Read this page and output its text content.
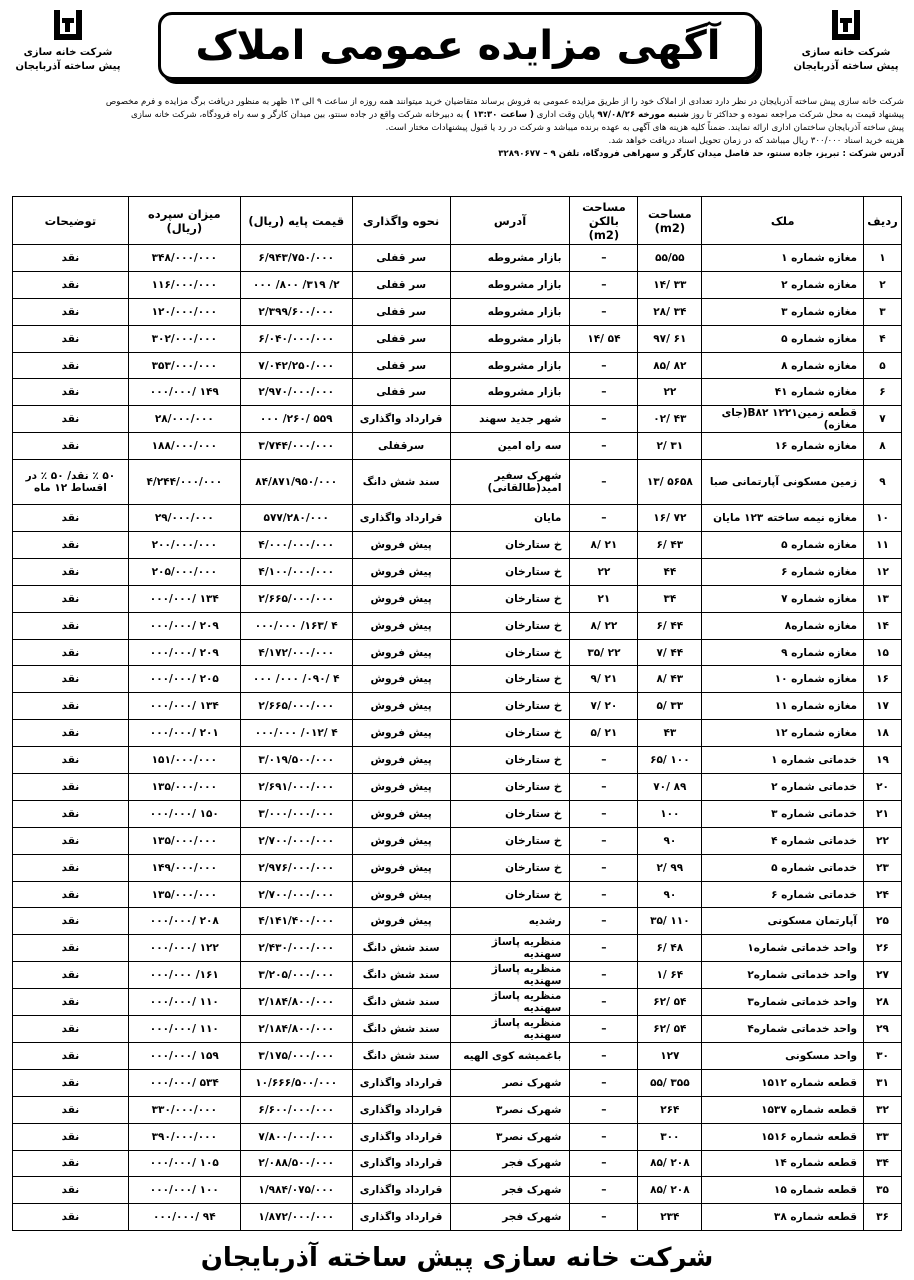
شرکت خانه سازی
پیش ساخته آذربایجان
آگهی مزایده عمومی املاک
شرکت خانه سازی
پیش ساخته آذربایجان

شرکت خانه سازی پیش ساخته آذربایجان در نظر دارد تعدادی از املاک خود را از طریق مزایده عمومی به فروش برساند متقاضیان خرید میتوانند همه روزه از ساعت ۹ الی ۱۳ ظهر به منظور دریافت برگ مزایده و فرم مخصوص

پیشنهاد قیمت به محل شرکت مراجعه نموده و حداکثر تا روز شنبه مورخه ۹۷/۰۸/۲۶ پایان وقت اداری ( ساعت ۱۳:۳۰ ) به دبیرخانه شرکت واقع در جاده سنتو، بین میدان کارگر و سه راه فرودگاه، شرکت خانه سازی

پیش ساخته آذربایجان ساختمان اداری ارائه نمایند. ضمناً کلیه هزینه های آگهی به عهده برنده میباشد و شرکت در رد یا قبول پیشنهادات مختار است.

هزینه خرید اسناد ۳۰۰/۰۰۰ ریال میباشد که در زمان تحویل اسناد دریافت خواهد شد.

آدرس شرکت : تبریز، جاده سنتو، حد فاصل میدان کارگر و سهراهی فرودگاه، تلفن ۹ – ۳۲۸۹۰۶۷۷

ردیف	ملک	مساحت (m2)	مساحت بالکن (m2)	آدرس	نحوه واگذاری	قیمت پایه (ریال)	میزان سپرده (ریال)	توضیحات
۱	مغازه شماره ۱	۵۵/۵۵	–	بازار مشروطه	سر قفلی	۶/۹۴۳/۷۵۰/۰۰۰	۳۴۸/۰۰۰/۰۰۰	نقد
۲	مغازه شماره ۲	۳۳ /۱۴	–	بازار مشروطه	سر قفلی	۲/ ۳۱۹/ ۸۰۰/ ۰۰۰	۱۱۶/۰۰۰/۰۰۰	نقد
۳	مغازه شماره ۳	۳۴ /۲۸	–	بازار مشروطه	سر قفلی	۲/۳۹۹/۶۰۰/۰۰۰	۱۲۰/۰۰۰/۰۰۰	نقد
۴	مغازه شماره ۵	۶۱ /۹۷	۵۴ /۱۴	بازار مشروطه	سر قفلی	۶/۰۴۰/۰۰۰/۰۰۰	۳۰۲/۰۰۰/۰۰۰	نقد
۵	مغازه شماره ۸	۸۲ /۸۵	–	بازار مشروطه	سر قفلی	۷/۰۴۲/۲۵۰/۰۰۰	۳۵۳/۰۰۰/۰۰۰	نقد
۶	مغازه شماره ۴۱	۲۲	–	بازار مشروطه	سر قفلی	۲/۹۷۰/۰۰۰/۰۰۰	۱۴۹ /۰۰۰/۰۰۰	نقد
۷	قطعه زمین۱۲۲۱ B۸۲(جای مغازه)	۴۳ /۰۲	–	شهر جدید سهند	قرارداد واگذاری	۵۵۹ /۲۶۰/ ۰۰۰	۲۸/۰۰۰/۰۰۰	نقد
۸	مغازه شماره ۱۶	۳۱ /۲	–	سه راه امین	سرقفلی	۳/۷۴۴/۰۰۰/۰۰۰	۱۸۸/۰۰۰/۰۰۰	نقد
۹	زمین مسکونی آپارتمانی صبا	۵۶۵۸ /۱۳	–	شهرک سفیر امید(طالقانی)	سند شش دانگ	۸۴/۸۷۱/۹۵۰/۰۰۰	۴/۲۴۴/۰۰۰/۰۰۰	۵۰ ٪ نقد/ ۵۰ ٪ در اقساط ۱۲ ماه
۱۰	مغازه نیمه ساخته ۱۲۳ مایان	۷۲ /۱۶	–	مایان	قرارداد واگذاری	۵۷۷/۲۸۰/۰۰۰	۲۹/۰۰۰/۰۰۰	نقد
۱۱	مغازه شماره ۵	۴۳ /۶	۲۱ /۸	خ ستارخان	پیش فروش	۴/۰۰۰/۰۰۰/۰۰۰	۲۰۰/۰۰۰/۰۰۰	نقد
۱۲	مغازه شماره ۶	۴۴	۲۲	خ ستارخان	پیش فروش	۴/۱۰۰/۰۰۰/۰۰۰	۲۰۵/۰۰۰/۰۰۰	نقد
۱۳	مغازه شماره ۷	۳۴	۲۱	خ ستارخان	پیش فروش	۲/۶۶۵/۰۰۰/۰۰۰	۱۳۴ /۰۰۰/۰۰۰	نقد
۱۴	مغازه شماره۸	۴۴ /۶	۲۲ /۸	خ ستارخان	پیش فروش	۴ /۱۶۳/ ۰۰۰/۰۰۰	۲۰۹ /۰۰۰/۰۰۰	نقد
۱۵	مغازه شماره ۹	۴۴ /۷	۲۲ /۳۵	خ ستارخان	پیش فروش	۴/۱۷۲/۰۰۰/۰۰۰	۲۰۹ /۰۰۰/۰۰۰	نقد
۱۶	مغازه شماره ۱۰	۴۳ /۸	۲۱ /۹	خ ستارخان	پیش فروش	۴ /۰۹۰/ ۰۰۰/ ۰۰۰	۲۰۵ /۰۰۰/۰۰۰	نقد
۱۷	مغازه شماره ۱۱	۳۳ /۵	۲۰ /۷	خ ستارخان	پیش فروش	۲/۶۶۵/۰۰۰/۰۰۰	۱۳۴ /۰۰۰/۰۰۰	نقد
۱۸	مغازه شماره ۱۲	۴۳	۲۱ /۵	خ ستارخان	پیش فروش	۴ /۰۱۲/ ۰۰۰/۰۰۰	۲۰۱ /۰۰۰/۰۰۰	نقد
۱۹	خدماتی شماره ۱	۱۰۰ /۶۵	–	خ ستارخان	پیش فروش	۳/۰۱۹/۵۰۰/۰۰۰	۱۵۱/۰۰۰/۰۰۰	نقد
۲۰	خدماتی شماره ۲	۸۹ /۷۰	–	خ ستارخان	پیش فروش	۲/۶۹۱/۰۰۰/۰۰۰	۱۳۵/۰۰۰/۰۰۰	نقد
۲۱	خدماتی شماره ۳	۱۰۰	–	خ ستارخان	پیش فروش	۳/۰۰۰/۰۰۰/۰۰۰	۱۵۰ /۰۰۰/۰۰۰	نقد
۲۲	خدماتی شماره ۴	۹۰	–	خ ستارخان	پیش فروش	۲/۷۰۰/۰۰۰/۰۰۰	۱۳۵/۰۰۰/۰۰۰	نقد
۲۳	خدماتی شماره ۵	۹۹ /۲	–	خ ستارخان	پیش فروش	۲/۹۷۶/۰۰۰/۰۰۰	۱۴۹/۰۰۰/۰۰۰	نقد
۲۴	خدماتی شماره ۶	۹۰	–	خ ستارخان	پیش فروش	۲/۷۰۰/۰۰۰/۰۰۰	۱۳۵/۰۰۰/۰۰۰	نقد
۲۵	آپارتمان مسکونی	۱۱۰ /۳۵	–	رشدیه	پیش فروش	۴/۱۴۱/۴۰۰/۰۰۰	۲۰۸ /۰۰۰/۰۰۰	نقد
۲۶	واحد خدماتی شماره۱	۴۸ /۶	–	منظریه پاساژ سهندیه	سند شش دانگ	۲/۴۳۰/۰۰۰/۰۰۰	۱۲۲ /۰۰۰/۰۰۰	نقد
۲۷	واحد خدماتی شماره۲	۶۴ /۱	–	منظریه پاساژ سهندیه	سند شش دانگ	۳/۲۰۵/۰۰۰/۰۰۰	۱۶۱/ ۰۰۰/۰۰۰	نقد
۲۸	واحد خدماتی شماره۳	۵۴ /۶۲	–	منظریه پاساژ سهندیه	سند شش دانگ	۲/۱۸۴/۸۰۰/۰۰۰	۱۱۰ /۰۰۰/۰۰۰	نقد
۲۹	واحد خدماتی شماره۴	۵۴ /۶۲	–	منظریه پاساژ سهندیه	سند شش دانگ	۲/۱۸۴/۸۰۰/۰۰۰	۱۱۰ /۰۰۰/۰۰۰	نقد
۳۰	واحد مسکونی	۱۲۷	–	باغمیشه کوی الهیه	سند شش دانگ	۳/۱۷۵/۰۰۰/۰۰۰	۱۵۹ /۰۰۰/۰۰۰	نقد
۳۱	قطعه شماره ۱۵۱۲	۳۵۵ /۵۵	–	شهرک نصر	قرارداد واگذاری	۱۰/۶۶۶/۵۰۰/۰۰۰	۵۳۴ /۰۰۰/۰۰۰	نقد
۳۲	قطعه شماره ۱۵۳۷	۲۶۴	–	شهرک نصر۳	قرارداد واگذاری	۶/۶۰۰/۰۰۰/۰۰۰	۳۳۰/۰۰۰/۰۰۰	نقد
۳۳	قطعه شماره ۱۵۱۶	۳۰۰	–	شهرک نصر۳	قرارداد واگذاری	۷/۸۰۰/۰۰۰/۰۰۰	۳۹۰/۰۰۰/۰۰۰	نقد
۳۴	قطعه شماره ۱۴	۲۰۸ /۸۵	–	شهرک فجر	قرارداد واگذاری	۲/۰۸۸/۵۰۰/۰۰۰	۱۰۵ /۰۰۰/۰۰۰	نقد
۳۵	قطعه شماره ۱۵	۲۰۸ /۸۵	–	شهرک فجر	قرارداد واگذاری	۱/۹۸۴/۰۷۵/۰۰۰	۱۰۰ /۰۰۰/۰۰۰	نقد
۳۶	قطعه شماره ۳۸	۲۳۴	–	شهرک فجر	قرارداد واگذاری	۱/۸۷۲/۰۰۰/۰۰۰	۹۴ /۰۰۰/۰۰۰	نقد
شرکت خانه سازی پیش ساخته آذربایجان
